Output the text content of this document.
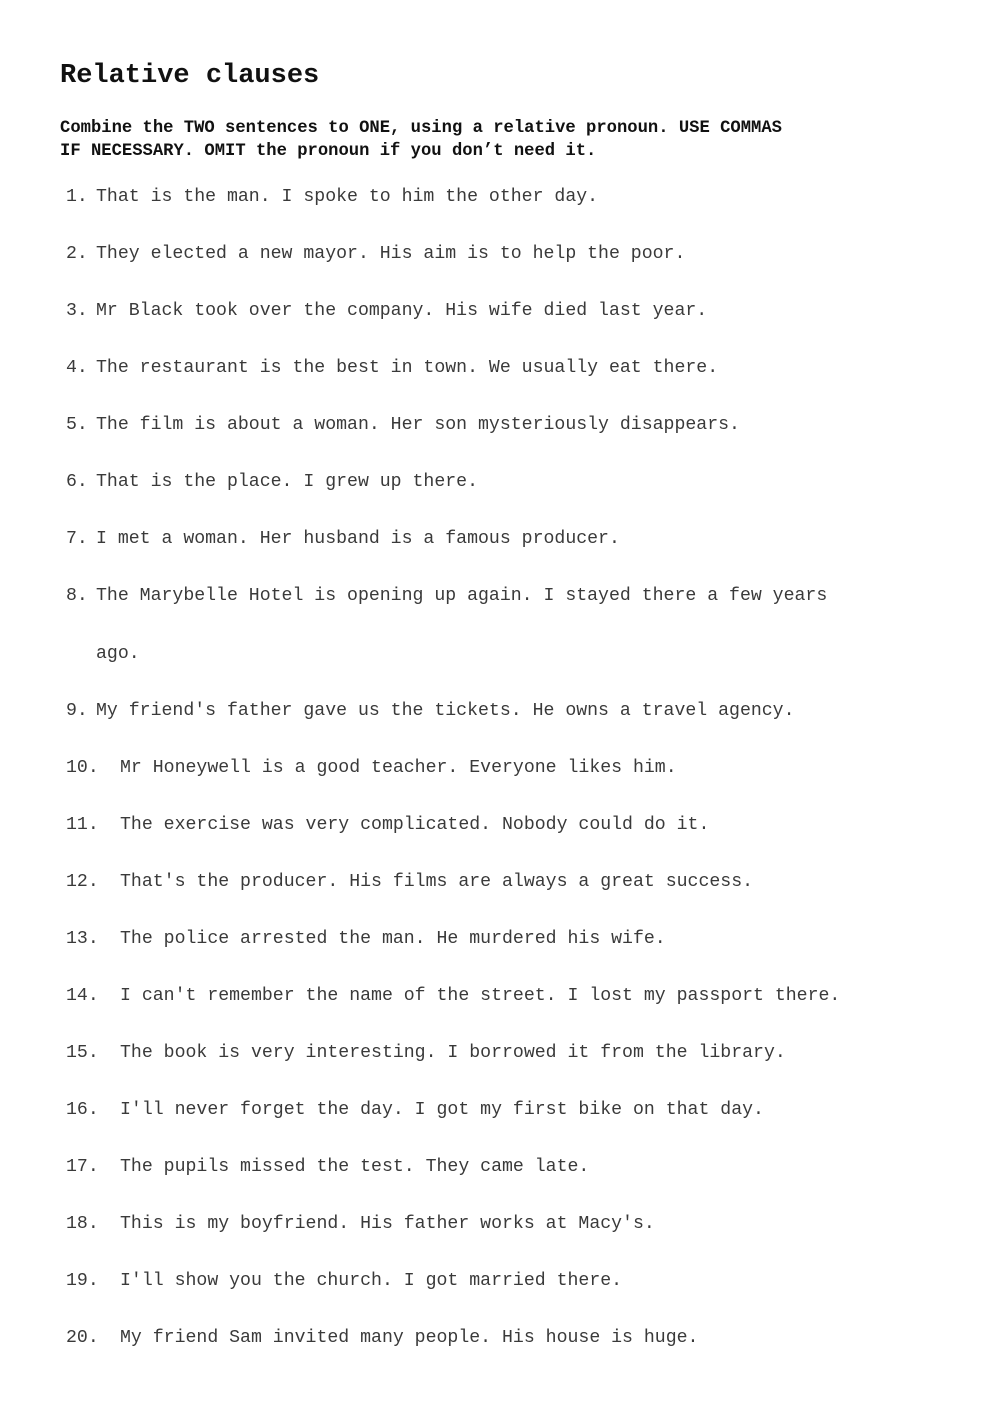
Relative clauses
Combine the TWO sentences to ONE, using a relative pronoun. USE COMMAS
IF NECESSARY. OMIT the pronoun if you don’t need it.
1. That is the man. I spoke to him the other day.
2. They elected a new mayor. His aim is to help the poor.
3. Mr Black took over the company. His wife died last year.
4. The restaurant is the best in town. We usually eat there.
5. The film is about a woman. Her son mysteriously disappears.
6. That is the place. I grew up there.
7. I met a woman. Her husband is a famous producer.
8. The Marybelle Hotel is opening up again. I stayed there a few years
ago.
9. My friend's father gave us the tickets. He owns a travel agency.
10. Mr Honeywell is a good teacher. Everyone likes him.
11. The exercise was very complicated. Nobody could do it.
12. That's the producer. His films are always a great success.
13. The police arrested the man. He murdered his wife.
14. I can't remember the name of the street. I lost my passport there.
15. The book is very interesting. I borrowed it from the library.
16. I'll never forget the day. I got my first bike on that day.
17. The pupils missed the test. They came late.
18. This is my boyfriend. His father works at Macy's.
19. I'll show you the church. I got married there.
20. My friend Sam invited many people. His house is huge.
